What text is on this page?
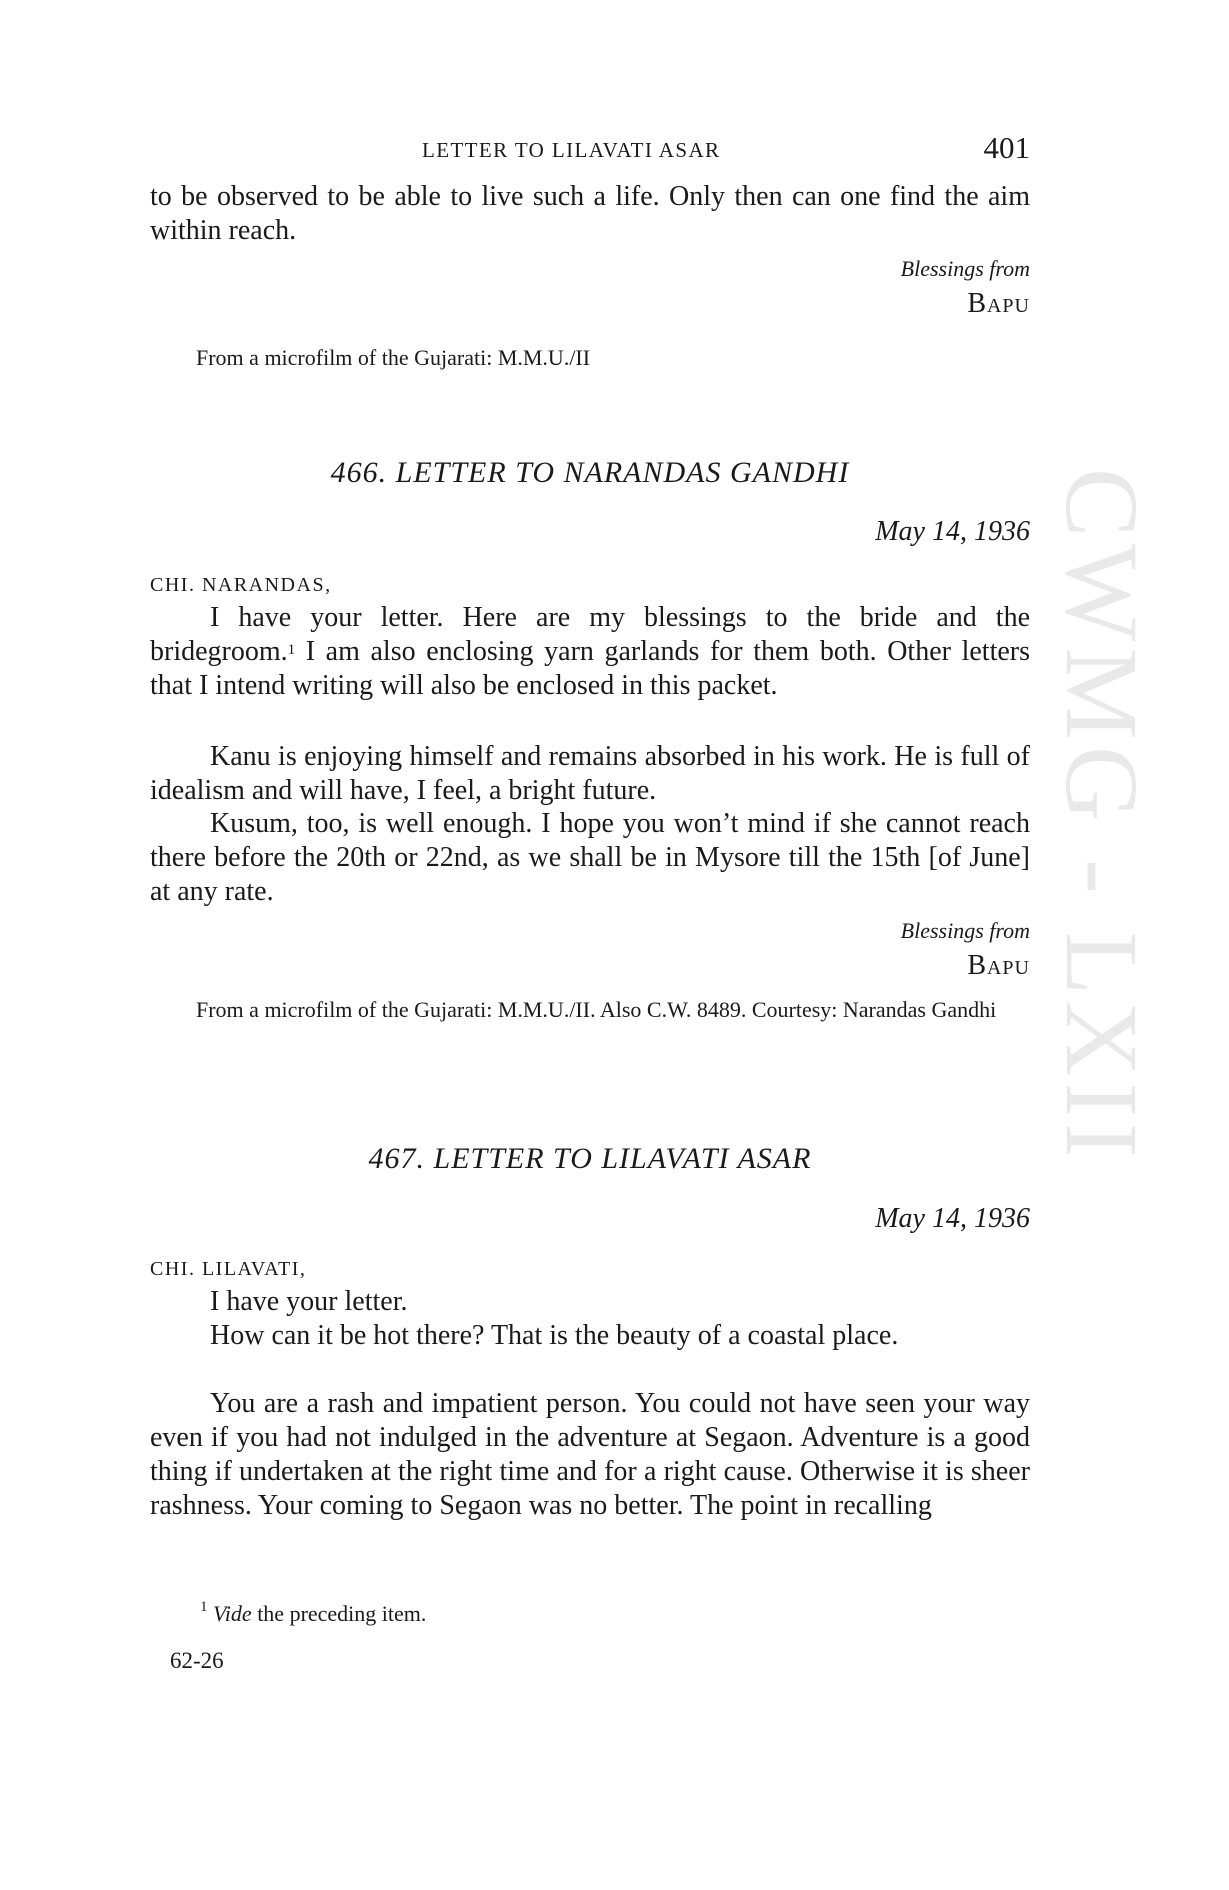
CWMG - LXII
LETTER TO LILAVATI ASAR	401

to be observed to be able to live such a life. Only then can one find the aim within reach.

Blessings from
Bapu

From a microfilm of the Gujarati: M.M.U./II

466. LETTER TO NARANDAS GANDHI
May 14, 1936
CHI. NARANDAS,

I have your letter. Here are my blessings to the bride and the bridegroom.$^1$ I am also enclosing yarn garlands for them both. Other letters that I intend writing will also be enclosed in this packet.

Kanu is enjoying himself and remains absorbed in his work. He is full of idealism and will have, I feel, a bright future.

Kusum, too, is well enough. I hope you won’t mind if she cannot reach there before the 20th or 22nd, as we shall be in Mysore till the 15th [of June] at any rate.

Blessings from
Bapu

From a microfilm of the Gujarati: M.M.U./II. Also C.W. 8489. Courtesy: Narandas Gandhi

467. LETTER TO LILAVATI ASAR
May 14, 1936
CHI. LILAVATI,

I have your letter.

How can it be hot there? That is the beauty of a coastal place.

You are a rash and impatient person. You could not have seen your way even if you had not indulged in the adventure at Segaon. Adventure is a good thing if undertaken at the right time and for a right cause. Otherwise it is sheer rashness. Your coming to Segaon was no better. The point in recalling

$^1$ Vide the preceding item.
62-26
